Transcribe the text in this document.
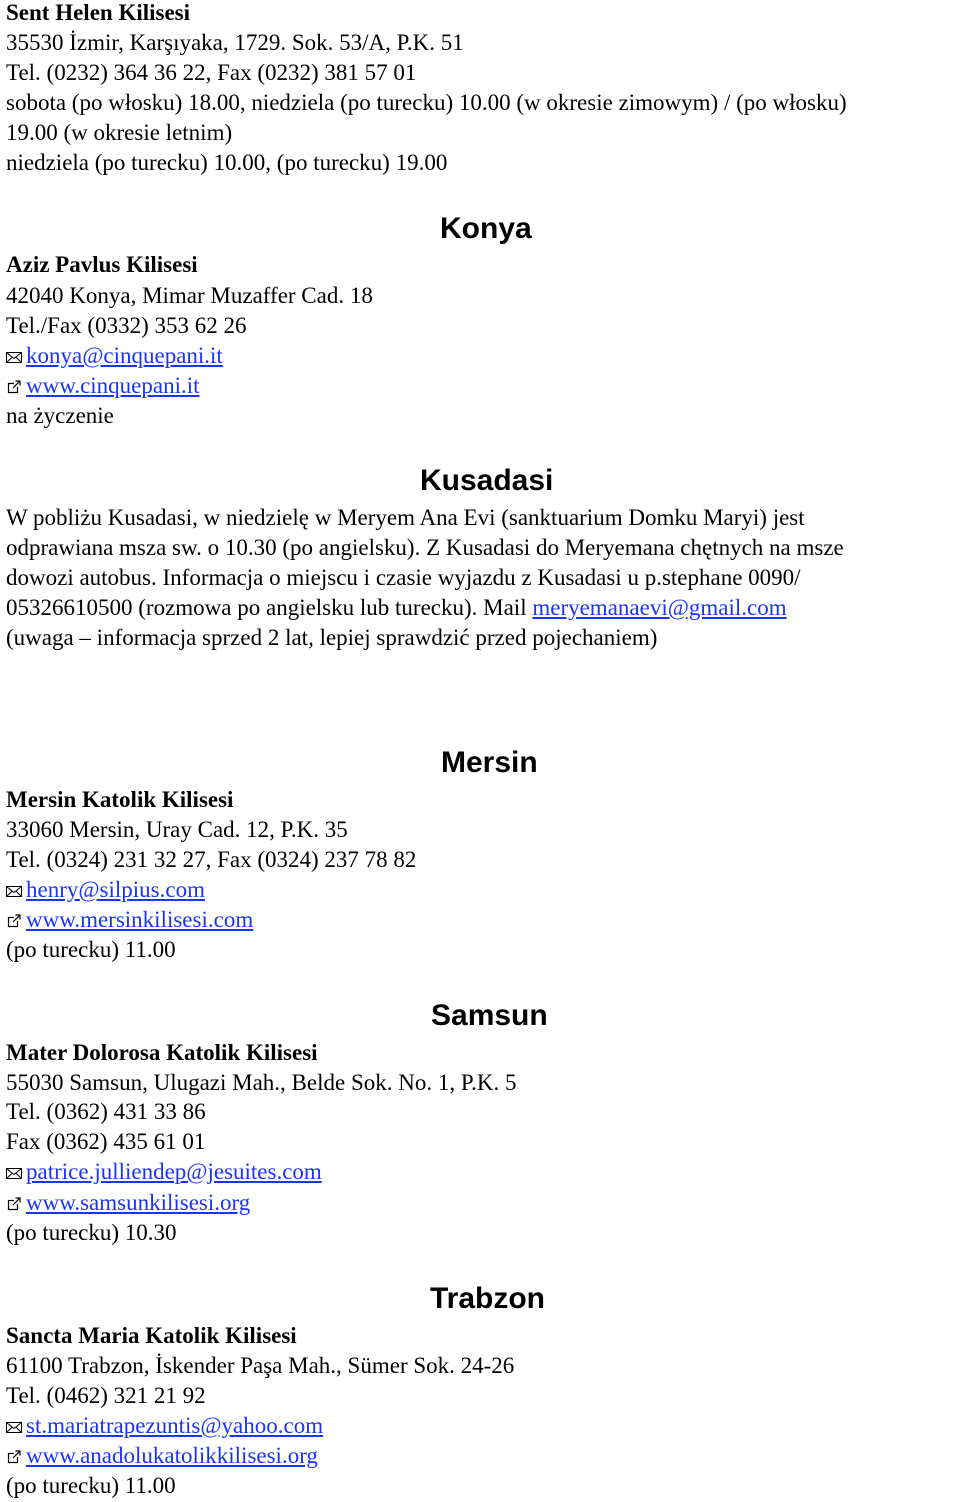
Sent Helen Kilisesi
35530 İzmir, Karşıyaka, 1729. Sok. 53/A, P.K. 51
Tel. (0232) 364 36 22, Fax (0232) 381 57 01
sobota (po włosku) 18.00, niedziela (po turecku) 10.00 (w okresie zimowym) / (po włosku)
19.00 (w okresie letnim)
niedziela (po turecku) 10.00, (po turecku) 19.00
Konya
Aziz Pavlus Kilisesi
42040 Konya, Mimar Muzaffer Cad. 18
Tel./Fax (0332) 353 62 26
konya@cinquepani.it
www.cinquepani.it
na życzenie
Kusadasi
W pobliżu Kusadasi, w niedzielę w Meryem Ana Evi (sanktuarium Domku Maryi) jest
odprawiana msza sw. o 10.30 (po angielsku). Z Kusadasi do Meryemana chętnych na msze
dowozi autobus. Informacja o miejscu i czasie wyjazdu z Kusadasi u p.stephane 0090/
05326610500 (rozmowa po angielsku lub turecku). Mail meryemanaevi@gmail.com
(uwaga – informacja sprzed 2 lat, lepiej sprawdzić przed pojechaniem)
Mersin
Mersin Katolik Kilisesi
33060 Mersin, Uray Cad. 12, P.K. 35
Tel. (0324) 231 32 27, Fax (0324) 237 78 82
henry@silpius.com
www.mersinkilisesi.com
(po turecku) 11.00
Samsun
Mater Dolorosa Katolik Kilisesi
55030 Samsun, Ulugazi Mah., Belde Sok. No. 1, P.K. 5
Tel. (0362) 431 33 86
Fax (0362) 435 61 01
patrice.julliendep@jesuites.com
www.samsunkilisesi.org
(po turecku) 10.30
Trabzon
Sancta Maria Katolik Kilisesi
61100 Trabzon, İskender Paşa Mah., Sümer Sok. 24-26
Tel. (0462) 321 21 92
st.mariatrapezuntis@yahoo.com
www.anadolukatolikkilisesi.org
(po turecku) 11.00
